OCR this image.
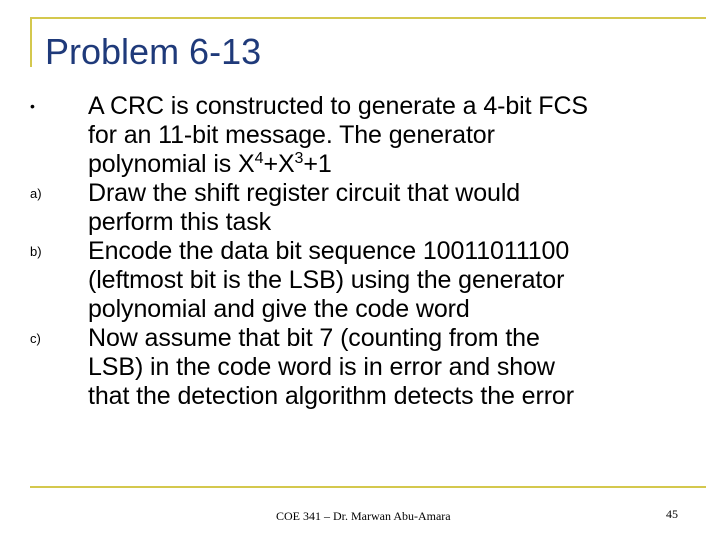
Problem 6-13
•	A CRC is constructed to generate a 4-bit FCS
for an 11-bit message. The generator
polynomial is $X^4+X^3+1$
a)	Draw the shift register circuit that would
perform this task
b)	Encode the data bit sequence 10011011100
(leftmost bit is the LSB) using the generator
polynomial and give the code word
c)	Now assume that bit 7 (counting from the
LSB) in the code word is in error and show
that the detection algorithm detects the error
COE 341 – Dr. Marwan Abu-Amara	45
